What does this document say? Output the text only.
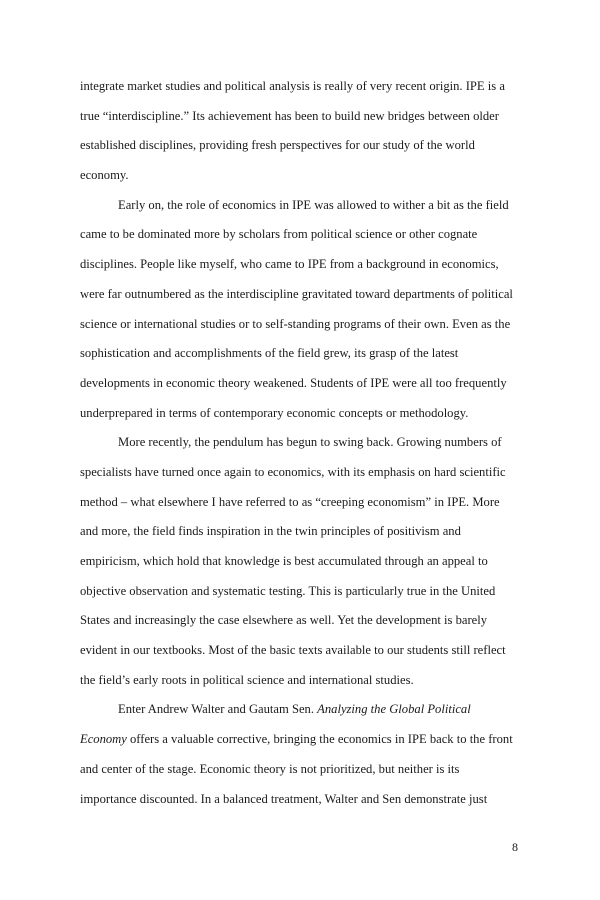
integrate market studies and political analysis is really of very recent origin. IPE is a
true “interdiscipline.” Its achievement has been to build new bridges between older
established disciplines, providing fresh perspectives for our study of the world
economy.
Early on, the role of economics in IPE was allowed to wither a bit as the field
came to be dominated more by scholars from political science or other cognate
disciplines. People like myself, who came to IPE from a background in economics,
were far outnumbered as the interdiscipline gravitated toward departments of political
science or international studies or to self-standing programs of their own. Even as the
sophistication and accomplishments of the field grew, its grasp of the latest
developments in economic theory weakened. Students of IPE were all too frequently
underprepared in terms of contemporary economic concepts or methodology.
More recently, the pendulum has begun to swing back. Growing numbers of
specialists have turned once again to economics, with its emphasis on hard scientific
method – what elsewhere I have referred to as “creeping economism” in IPE. More
and more, the field finds inspiration in the twin principles of positivism and
empiricism, which hold that knowledge is best accumulated through an appeal to
objective observation and systematic testing. This is particularly true in the United
States and increasingly the case elsewhere as well. Yet the development is barely
evident in our textbooks. Most of the basic texts available to our students still reflect
the field’s early roots in political science and international studies.
Enter Andrew Walter and Gautam Sen. Analyzing the Global Political
Economy offers a valuable corrective, bringing the economics in IPE back to the front
and center of the stage. Economic theory is not prioritized, but neither is its
importance discounted. In a balanced treatment, Walter and Sen demonstrate just
8
